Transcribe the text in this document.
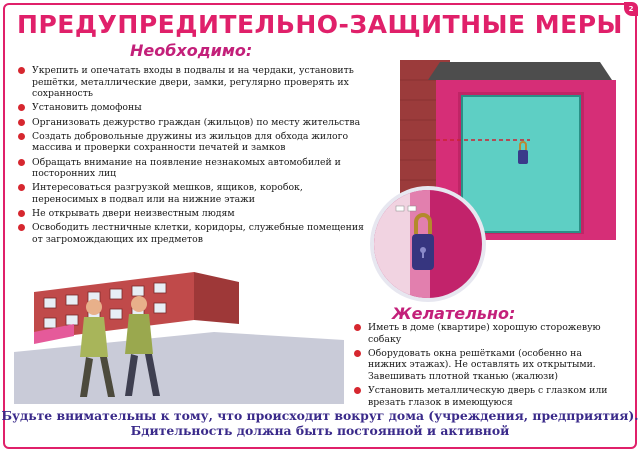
2
ПРЕДУПРЕДИТЕЛЬНО-ЗАЩИТНЫЕ МЕРЫ
Необходимо:
Укрепить и опечатать входы в подвалы и на чердаки, установить решётки, металлические двери, замки, регулярно проверять их сохранность
Установить домофоны
Организовать дежурство граждан (жильцов) по месту жительства
Создать добровольные дружины из жильцов для обхода жилого массива и проверки сохранности печатей и замков
Обращать внимание на появление незнакомых автомобилей и посторонних лиц
Интересоваться разгрузкой мешков, ящиков, коробок, переносимых в подвал или на нижние этажи
Не открывать двери неизвестным людям
Освободить лестничные клетки, коридоры, служебные помещения от загромождающих их предметов
Желательно:
Иметь в доме (квартире) хорошую сторожевую собаку
Оборудовать окна решётками (особенно на нижних этажах). Не оставлять их открытыми. Завешивать плотной тканью (жалюзи)
Установить металлическую дверь с глазком или врезать глазок в имеющуюся
Будьте внимательны к тому, что происходит вокруг дома (учреждения, предприятия).
Бдительность должна быть постоянной и активной
